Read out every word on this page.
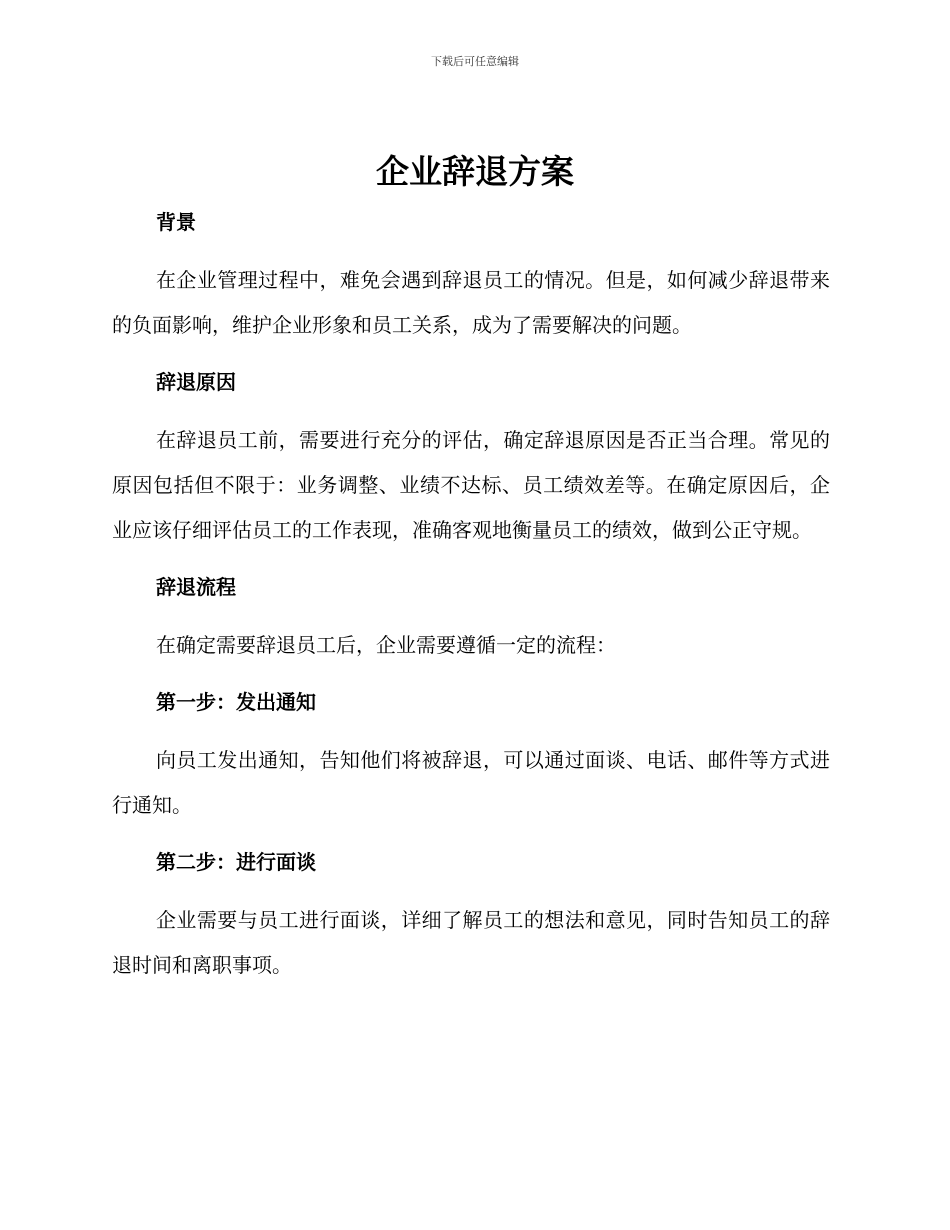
下载后可任意编辑
企业辞退方案
背景

在企业管理过程中，难免会遇到辞退员工的情况。但是，如何减少辞退带来的负面影响，维护企业形象和员工关系，成为了需要解决的问题。

辞退原因

在辞退员工前，需要进行充分的评估，确定辞退原因是否正当合理。常见的原因包括但不限于：业务调整、业绩不达标、员工绩效差等。在确定原因后，企业应该仔细评估员工的工作表现，准确客观地衡量员工的绩效，做到公正守规。

辞退流程

在确定需要辞退员工后，企业需要遵循一定的流程：

第一步：发出通知

向员工发出通知，告知他们将被辞退，可以通过面谈、电话、邮件等方式进行通知。

第二步：进行面谈

企业需要与员工进行面谈，详细了解员工的想法和意见，同时告知员工的辞退时间和离职事项。
